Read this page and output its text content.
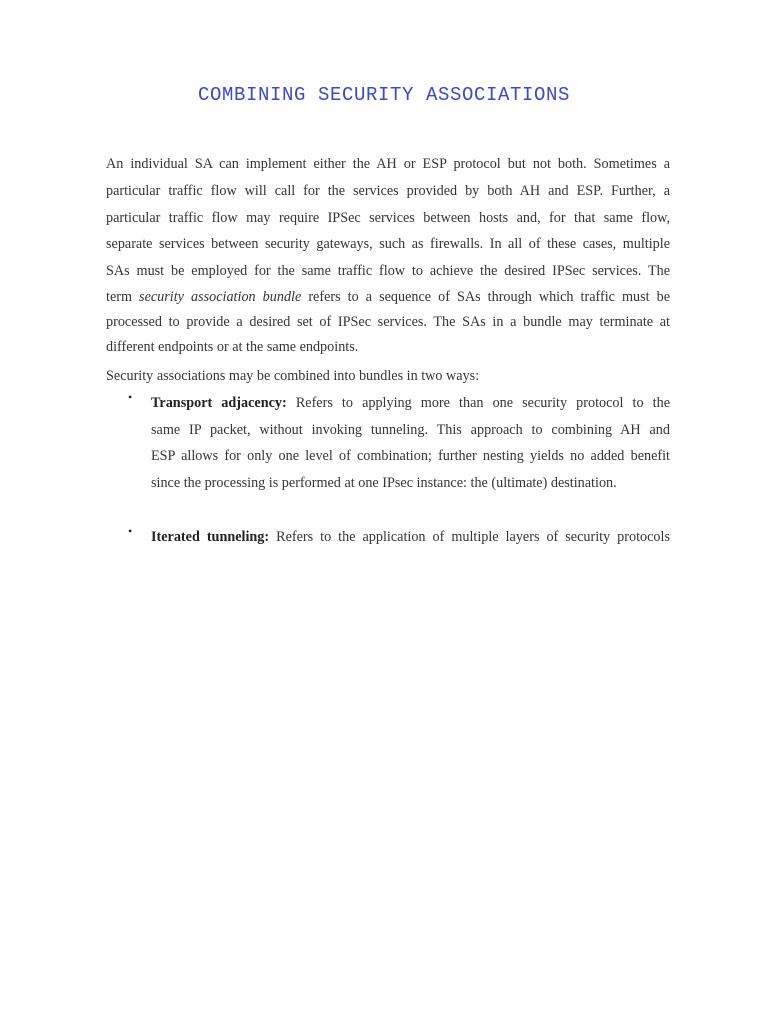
COMBINING SECURITY ASSOCIATIONS
An individual SA can implement either the AH or ESP protocol but not both. Sometimes a
particular traffic flow will call for the services provided by both AH and ESP. Further, a
particular traffic flow may require IPSec services between hosts and, for that same flow,
separate services between security gateways, such as firewalls. In all of these cases, multiple
SAs must be employed for the same traffic flow to achieve the desired IPSec services. The
term security association bundle refers to a sequence of SAs through which traffic must be
processed to provide a desired set of IPSec services. The SAs in a bundle may terminate at
different endpoints or at the same endpoints.
Security associations may be combined into bundles in two ways:
• Transport adjacency: Refers to applying more than one security protocol to the
same IP packet, without invoking tunneling. This approach to combining AH and
ESP allows for only one level of combination; further nesting yields no added benefit
since the processing is performed at one IPsec instance: the (ultimate) destination.
• Iterated tunneling: Refers to the application of multiple layers of security protocols
